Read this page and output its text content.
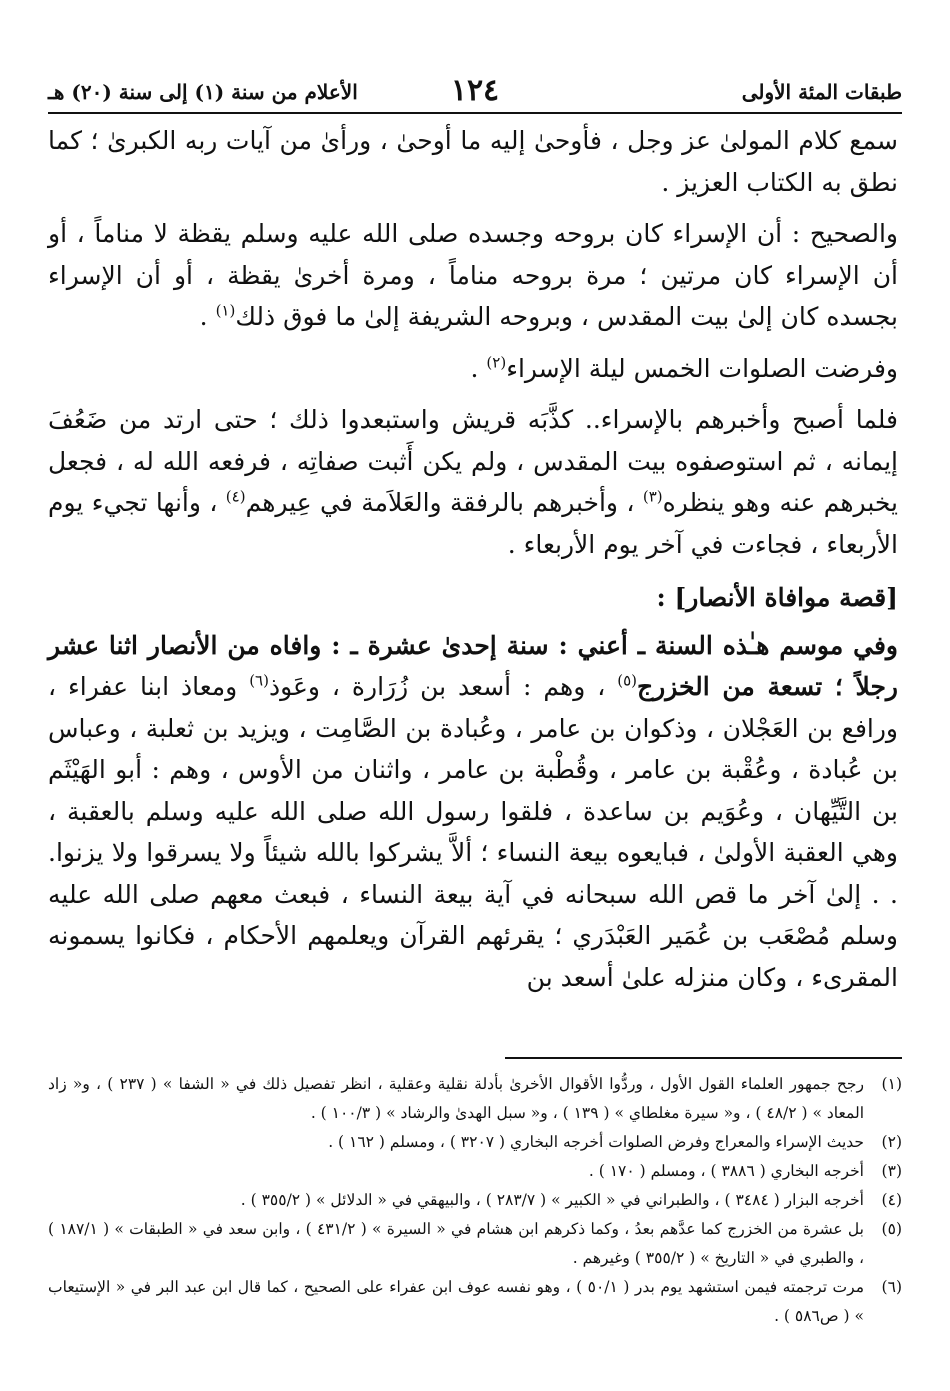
طبقات المئة الأولى
١٢٤
الأعلام من سنة (١) إلى سنة (٢٠) هـ

سمع كلام المولىٰ عز وجل ، فأوحىٰ إليه ما أوحىٰ ، ورأىٰ من آيات ربه الكبرىٰ ؛ كما نطق به الكتاب العزيز .

والصحيح : أن الإسراء كان بروحه وجسده صلى الله عليه وسلم يقظة لا مناماً ، أو أن الإسراء كان مرتين ؛ مرة بروحه مناماً ، ومرة أخرىٰ يقظة ، أو أن الإسراء بجسده كان إلىٰ بيت المقدس ، وبروحه الشريفة إلىٰ ما فوق ذلك$^{(١)}$ .

وفرضت الصلوات الخمس ليلة الإسراء$^{(٢)}$ .

فلما أصبح وأخبرهم بالإسراء.. كذَّبَه قريش واستبعدوا ذلك ؛ حتى ارتد من ضَعُفَ إيمانه ، ثم استوصفوه بيت المقدس ، ولم يكن أَثبت صفاتِه ، فرفعه الله له ، فجعل يخبرهم عنه وهو ينظره$^{(٣)}$ ، وأخبرهم بالرفقة والعَلاَمة في عِيرهم$^{(٤)}$ ، وأنها تجيء يوم الأربعاء ، فجاءت في آخر يوم الأربعاء .

[قصة موافاة الأنصار] :

وفي موسم هـٰذه السنة ـ أعني : سنة إحدىٰ عشرة ـ : وافاه من الأنصار اثنا عشر رجلاً ؛ تسعة من الخزرج$^{(٥)}$ ، وهم : أسعد بن زُرَارة ، وعَوذ$^{(٦)}$ ومعاذ ابنا عفراء ، ورافع بن العَجْلان ، وذكوان بن عامر ، وعُبادة بن الصَّامِت ، ويزيد بن ثعلبة ، وعباس بن عُبادة ، وعُقْبة بن عامر ، وقُطْبة بن عامر ، واثنان من الأوس ، وهم : أبو الهَيْثَم بن التَّيِّهان ، وعُوَيم بن ساعدة ، فلقوا رسول الله صلى الله عليه وسلم بالعقبة ، وهي العقبة الأولىٰ ، فبايعوه بيعة النساء ؛ ألاَّ يشركوا بالله شيئاً ولا يسرقوا ولا يزنوا. . . إلىٰ آخر ما قص الله سبحانه في آية بيعة النساء ، فبعث معهم صلى الله عليه وسلم مُصْعَب بن عُمَير العَبْدَري ؛ يقرئهم القرآن ويعلمهم الأحكام ، فكانوا يسمونه المقرىء ، وكان منزله علىٰ أسعد بن

(١)
رجح جمهور العلماء القول الأول ، وردُّوا الأقوال الأخرىٰ بأدلة نقلية وعقلية ، انظر تفصيل ذلك في « الشفا » ( ٢٣٧ ) ، و« زاد المعاد » ( ٤٨/٢ ) ، و« سيرة مغلطاي » ( ١٣٩ ) ، و« سبل الهدىٰ والرشاد » ( ١٠٠/٣ ) .
(٢)
حديث الإسراء والمعراج وفرض الصلوات أخرجه البخاري ( ٣٢٠٧ ) ، ومسلم ( ١٦٢ ) .
(٣)
أخرجه البخاري ( ٣٨٨٦ ) ، ومسلم ( ١٧٠ ) .
(٤)
أخرجه البزار ( ٣٤٨٤ ) ، والطبراني في « الكبير » ( ٢٨٣/٧ ) ، والبيهقي في « الدلائل » ( ٣٥٥/٢ ) .
(٥)
بل عشرة من الخزرج كما عدَّهم بعدُ ، وكما ذكرهم ابن هشام في « السيرة » ( ٤٣١/٢ ) ، وابن سعد في « الطبقات » ( ١٨٧/١ ) ، والطبري في « التاريخ » ( ٣٥٥/٢ ) وغيرهم .
(٦)
مرت ترجمته فيمن استشهد يوم بدر ( ٥٠/١ ) ، وهو نفسه عوف ابن عفراء على الصحيح ، كما قال ابن عبد البر في « الإستيعاب » ( ص٥٨٦ ) .
